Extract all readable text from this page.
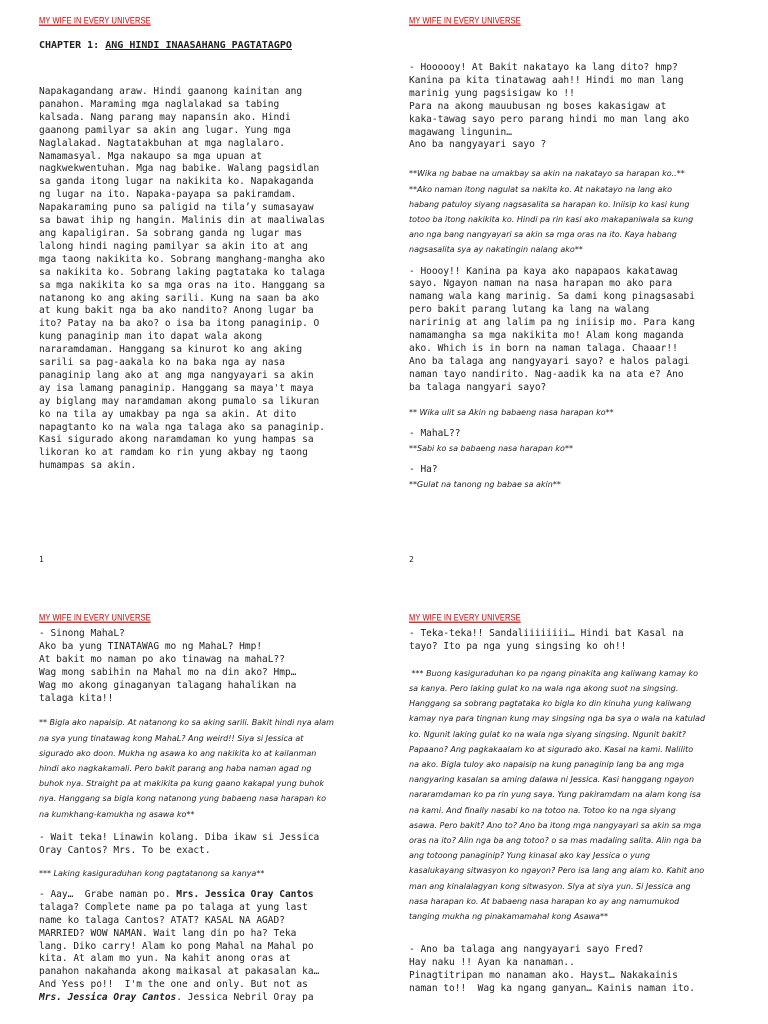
MY WIFE IN EVERY UNIVERSE
CHAPTER 1: ANG HINDI INAASAHANG PAGTATAGPO

Napakagandang araw. Hindi gaanong kainitan ang
panahon. Maraming mga naglalakad sa tabing
kalsada. Nang parang may napansin ako. Hindi
gaanong pamilyar sa akin ang lugar. Yung mga
Naglalakad. Nagtatakbuhan at mga naglalaro.
Namamasyal. Mga nakaupo sa mga upuan at
nagkwekwentuhan. Mga nag babike. Walang pagsidlan
sa ganda itong lugar na nakikita ko. Napakaganda
ng lugar na ito. Napaka-payapa sa pakiramdam.
Napakaraming puno sa paligid na tila’y sumasayaw
sa bawat ihip ng hangin. Malinis din at maaliwalas
ang kapaligiran. Sa sobrang ganda ng lugar mas
lalong hindi naging pamilyar sa akin ito at ang
mga taong nakikita ko. Sobrang manghang-mangha ako
sa nakikita ko. Sobrang laking pagtataka ko talaga
sa mga nakikita ko sa mga oras na ito. Hanggang sa
natanong ko ang aking sarili. Kung na saan ba ako
at kung bakit nga ba ako nandito? Anong lugar ba
ito? Patay na ba ako? o isa ba itong panaginip. O
kung panaginip man ito dapat wala akong
nararamdaman. Hanggang sa kinurot ko ang aking
sarili sa pag-aakala ko na baka nga ay nasa
panaginip lang ako at ang mga nangyayari sa akin
ay isa lamang panaginip. Hanggang sa maya't maya
ay biglang may naramdaman akong pumalo sa likuran
ko na tila ay umakbay pa nga sa akin. At dito
napagtanto ko na wala nga talaga ako sa panaginip.
Kasi sigurado akong naramdaman ko yung hampas sa
likoran ko at ramdam ko rin yung akbay ng taong
humampas sa akin.

1
MY WIFE IN EVERY UNIVERSE

- Hoooooy! At Bakit nakatayo ka lang dito? hmp?
Kanina pa kita tinatawag aah!! Hindi mo man lang
marinig yung pagsisigaw ko !!
Para na akong mauubusan ng boses kakasigaw at
kaka-tawag sayo pero parang hindi mo man lang ako
magawang lingunin…
Ano ba nangyayari sayo ?

**Wika ng babae na umakbay sa akin na nakatayo sa harapan ko..**
**Ako naman itong nagulat sa nakita ko. At nakatayo na lang ako
habang patuloy siyang nagsasalita sa harapan ko. Iniisip ko kasi kung
totoo ba itong nakikita ko. Hindi pa rin kasi ako makapaniwala sa kung
ano nga bang nangyayari sa akin sa mga oras na ito. Kaya habang
nagsasalita sya ay nakatingin nalang ako**

- Hoooy!! Kanina pa kaya ako napapaos kakatawag
sayo. Ngayon naman na nasa harapan mo ako para
namang wala kang marinig. Sa dami kong pinagsasabi
pero bakit parang lutang ka lang na walang
naririnig at ang lalim pa ng iniisip mo. Para kang
namamangha sa mga nakikita mo! Alam kong maganda
ako. Which is in born na naman talaga. Chaaar!!
Ano ba talaga ang nangyayari sayo? e halos palagi
naman tayo nandirito. Nag-aadik ka na ata e? Ano
ba talaga nangyari sayo?

** Wika ulit sa Akin ng babaeng nasa harapan ko**

- MahaL??

**Sabi ko sa babaeng nasa harapan ko**

- Ha?

**Gulat na tanong ng babae sa akin**

2
MY WIFE IN EVERY UNIVERSE

- Sinong MahaL?
Ako ba yung TINATAWAG mo ng MahaL? Hmp!
At bakit mo naman po ako tinawag na mahaL??
Wag mong sabihin na Mahal mo na din ako? Hmp…
Wag mo akong ginaganyan talagang hahalikan na
talaga kita!!

** Bigla ako napaisip. At natanong ko sa aking sarili. Bakit hindi nya alam
na sya yung tinatawag kong MahaL? Ang weird!! Siya si Jessica at
sigurado ako doon. Mukha ng asawa ko ang nakikita ko at kailanman
hindi ako nagkakamali. Pero bakit parang ang haba naman agad ng
buhok nya. Straight pa at makikita pa kung gaano kakapal yung buhok
nya. Hanggang sa bigla kong natanong yung babaeng nasa harapan ko
na kumkhang-kamukha ng asawa ko**

- Wait teka! Linawin kolang. Diba ikaw si Jessica
Oray Cantos? Mrs. To be exact.

*** Laking kasiguraduhan kong pagtatanong sa kanya**

- Aay…  Grabe naman po. Mrs. Jessica Oray Cantos
talaga? Complete name pa po talaga at yung last
name ko talaga Cantos? ATAT? KASAL NA AGAD?
MARRIED? WOW NAMAN. Wait lang din po ha? Teka
lang. Diko carry! Alam ko pong Mahal na Mahal po
kita. At alam mo yun. Na kahit anong oras at
panahon nakahanda akong maikasal at pakasalan ka…
And Yess po!!  I'm the one and only. But not as
Mrs. Jessica Oray Cantos. Jessica Nebril Oray pa

MY WIFE IN EVERY UNIVERSE

- Teka-teka!! Sandaliiiiiiii… Hindi bat Kasal na
tayo? Ito pa nga yung singsing ko oh!!

*** Buong kasiguraduhan ko pa ngang pinakita ang kaliwang kamay ko
sa kanya. Pero laking gulat ko na wala nga akong suot na singsing.
Hanggang sa sobrang pagtataka ko bigla ko din kinuha yung kaliwang
kamay nya para tingnan kung may singsing nga ba sya o wala na katulad
ko. Ngunit laking gulat ko na wala nga siyang singsing. Ngunit bakit?
Papaano? Ang pagkakaalam ko at sigurado ako. Kasal na kami. Nalilito
na ako. Bigla tuloy ako napaisip na kung panaginip lang ba ang mga
nangyaring kasalan sa aming dalawa ni Jessica. Kasi hanggang ngayon
nararamdaman ko pa rin yung saya. Yung pakiramdam na alam kong isa
na kami. And finally nasabi ko na totoo na. Totoo ko na nga siyang
asawa. Pero bakit? Ano to? Ano ba itong mga nangyayari sa akin sa mga
oras na ito? Alin nga ba ang totoo? o sa mas madaling salita. Alin nga ba
ang totoong panaginip? Yung kinasal ako kay Jessica o yung
kasalukayang sitwasyon ko ngayon? Pero isa lang ang alam ko. Kahit ano
man ang kinalalagyan kong sitwasyon. Slya at siya yun. Si Jessica ang
nasa harapan ko. At babaeng nasa harapan ko ay ang namumukod
tanging mukha ng pinakamamahal kong Asawa**

- Ano ba talaga ang nangyayari sayo Fred?
Hay naku !! Ayan ka nanaman..
Pinagtitripan mo nanaman ako. Hayst… Nakakainis
naman to!!  Wag ka ngang ganyan… Kainis naman ito.
